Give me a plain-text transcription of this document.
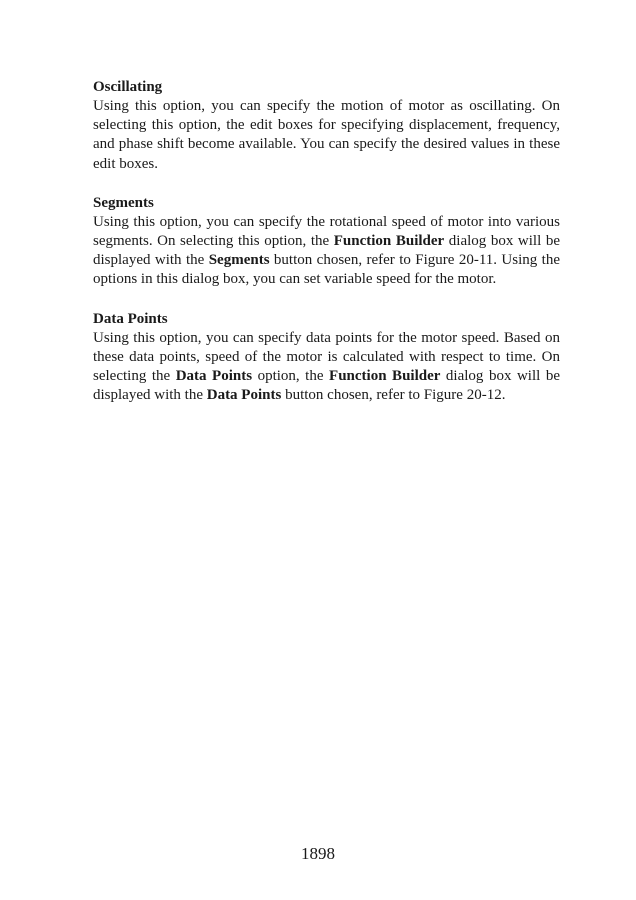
Oscillating

Using this option, you can specify the motion of motor as oscillating. On selecting this option, the edit boxes for specifying displacement, frequency, and phase shift become available. You can specify the desired values in these edit boxes.

Segments

Using this option, you can specify the rotational speed of motor into various segments. On selecting this option, the Function Builder dialog box will be displayed with the Segments button chosen, refer to Figure 20-11. Using the options in this dialog box, you can set variable speed for the motor.

Data Points

Using this option, you can specify data points for the motor speed. Based on these data points, speed of the motor is calculated with respect to time. On selecting the Data Points option, the Function Builder dialog box will be displayed with the Data Points button chosen, refer to Figure 20-12.

1898
